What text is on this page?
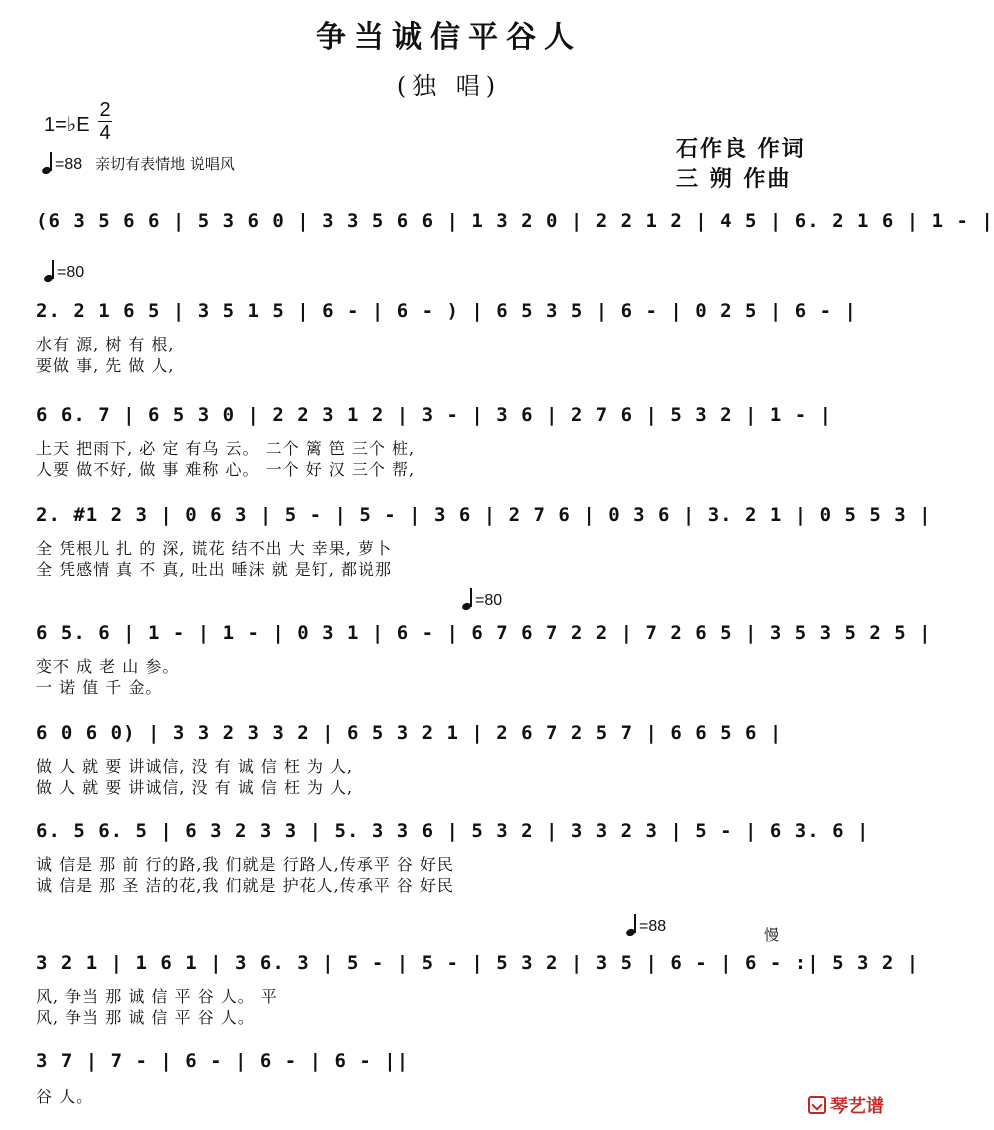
争当诚信平谷人
(独 唱)
1=♭E
2
4
=88 亲切有表情地 说唱风
石作良 作词
三 朔 作曲
(6 3 5 6 6 | 5 3 6 0 | 3 3 5 6 6 | 1 3 2 0 | 2 2 1 2 | 4 5 | 6. 2 1 6 | 1 - |
=80
2. 2 1 6 5 | 3 5 1 5 | 6 - | 6 - ) | 6 5 3 5 | 6 - | 0 2 5 | 6 - |
水有 源, 树 有 根,
要做 事, 先 做 人,
6 6. 7 | 6 5 3 0 | 2 2 3 1 2 | 3 - | 3 6 | 2 7 6 | 5 3 2 | 1 - |
上天 把雨下, 必 定 有乌 云。 二个 篱 笆 三个 桩,
人要 做不好, 做 事 难称 心。 一个 好 汉 三个 帮,
2. #1 2 3 | 0 6 3 | 5 - | 5 - | 3 6 | 2 7 6 | 0 3 6 | 3. 2 1 | 0 5 5 3 |
全 凭根儿 扎 的 深, 谎花 结不出 大 幸果, 萝卜
全 凭感情 真 不 真, 吐出 唾沫 就 是钉, 都说那
=80
6 5. 6 | 1 - | 1 - | 0 3 1 | 6 - | 6 7 6 7 2 2 | 7 2 6 5 | 3 5 3 5 2 5 |
变不 成 老 山 参。
一 诺 值 千 金。
6 0 6 0) | 3 3 2 3 3 2 | 6 5 3 2 1 | 2 6 7 2 5 7 | 6 6 5 6 |
做 人 就 要 讲诚信, 没 有 诚 信 枉 为 人,
做 人 就 要 讲诚信, 没 有 诚 信 枉 为 人,
6. 5 6. 5 | 6 3 2 3 3 | 5. 3 3 6 | 5 3 2 | 3 3 2 3 | 5 - | 6 3. 6 |
诚 信是 那 前 行的路,我 们就是 行路人,传承平 谷 好民
诚 信是 那 圣 洁的花,我 们就是 护花人,传承平 谷 好民
=88	慢
3 2 1 | 1 6 1 | 3 6. 3 | 5 - | 5 - | 5 3 2 | 3 5 | 6 - | 6 - :| 5 3 2 |
风, 争当 那 诚 信 平 谷 人。 平
风, 争当 那 诚 信 平 谷 人。
3 7 | 7 - | 6 - | 6 - | 6 - ||
谷 人。	琴艺谱
